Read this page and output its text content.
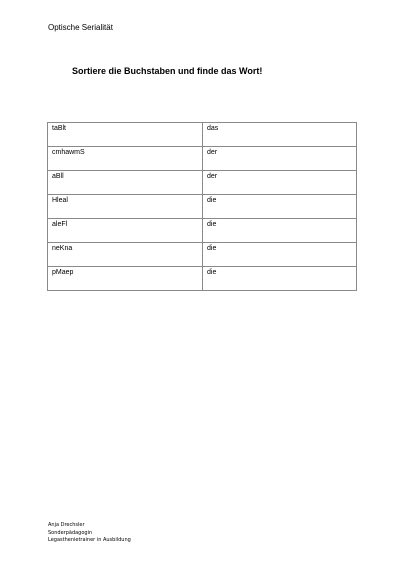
Optische Serialität
Sortiere die Buchstaben und finde das Wort!
taBlt	das
cmhawmS	der
aBll	der
Hleal	die
aleFl	die
neKna	die
pMaep	die
Anja Drechsler
Sonderpädagogin
Legasthenietrainer in Ausbildung
